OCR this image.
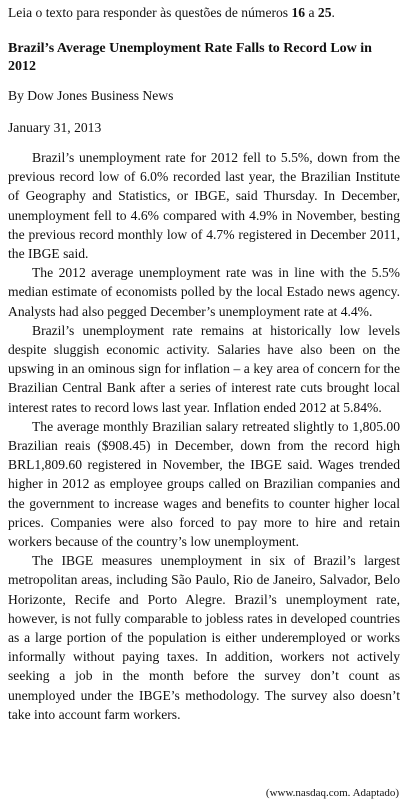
Leia o texto para responder às questões de números 16 a 25.
Brazil’s Average Unemployment Rate Falls to Record Low in 2012
By Dow Jones Business News
January 31, 2013

Brazil’s unemployment rate for 2012 fell to 5.5%, down from the previous record low of 6.0% recorded last year, the Brazilian Institute of Geography and Statistics, or IBGE, said Thursday. In December, unemployment fell to 4.6% compared with 4.9% in November, besting the previous record monthly low of 4.7% registered in December 2011, the IBGE said.

The 2012 average unemployment rate was in line with the 5.5% median estimate of economists polled by the local Estado news agency. Analysts had also pegged December’s unemployment rate at 4.4%.

Brazil’s unemployment rate remains at historically low levels despite sluggish economic activity. Salaries have also been on the upswing in an ominous sign for inflation – a key area of concern for the Brazilian Central Bank after a series of interest rate cuts brought local interest rates to record lows last year. Inflation ended 2012 at 5.84%.

The average monthly Brazilian salary retreated slightly to 1,805.00 Brazilian reais ($908.45) in December, down from the record high BRL1,809.60 registered in November, the IBGE said. Wages trended higher in 2012 as employee groups called on Brazilian companies and the government to increase wages and benefits to counter higher local prices. Companies were also forced to pay more to hire and retain workers because of the country’s low unemployment.

The IBGE measures unemployment in six of Brazil’s largest metropolitan areas, including São Paulo, Rio de Janeiro, Salvador, Belo Horizonte, Recife and Porto Alegre. Brazil’s unemployment rate, however, is not fully comparable to jobless rates in developed countries as a large portion of the population is either underemployed or works informally without paying taxes. In addition, workers not actively seeking a job in the month before the survey don’t count as unemployed under the IBGE’s methodology. The survey also doesn’t take into account farm workers.

(www.nasdaq.com. Adaptado)
